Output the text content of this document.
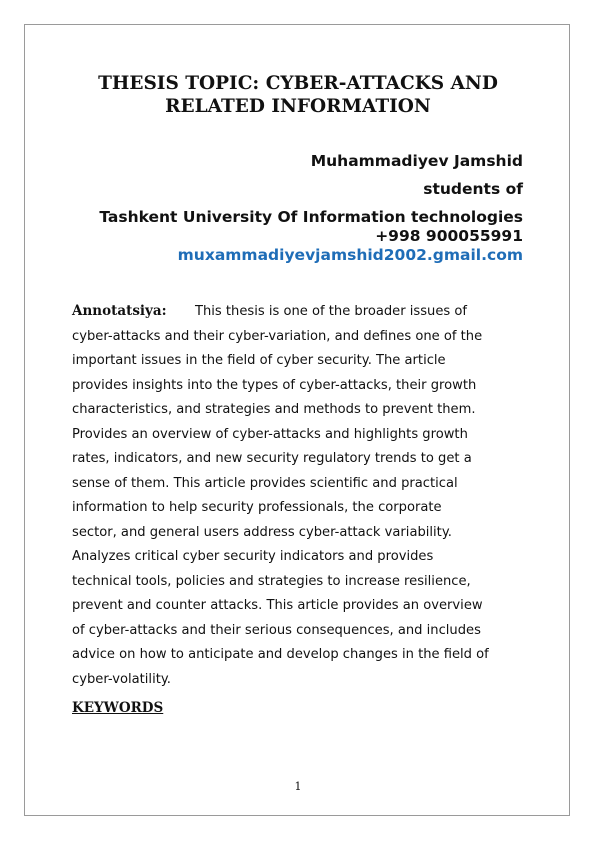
THESIS TOPIC: CYBER-ATTACKS AND
RELATED INFORMATION
Muhammadiyev Jamshid
students of
Tashkent University Of Information technologies
+998 900055991
muxammadiyevjamshid2002.gmail.com
Annotatsiya: This thesis is one of the broader issues of
cyber-attacks and their cyber-variation, and defines one of the
important issues in the field of cyber security. The article
provides insights into the types of cyber-attacks, their growth
characteristics, and strategies and methods to prevent them.
Provides an overview of cyber-attacks and highlights growth
rates, indicators, and new security regulatory trends to get a
sense of them. This article provides scientific and practical
information to help security professionals, the corporate
sector, and general users address cyber-attack variability.
Analyzes critical cyber security indicators and provides
technical tools, policies and strategies to increase resilience,
prevent and counter attacks. This article provides an overview
of cyber-attacks and their serious consequences, and includes
advice on how to anticipate and develop changes in the field of
cyber-volatility.
KEYWORDS
1
